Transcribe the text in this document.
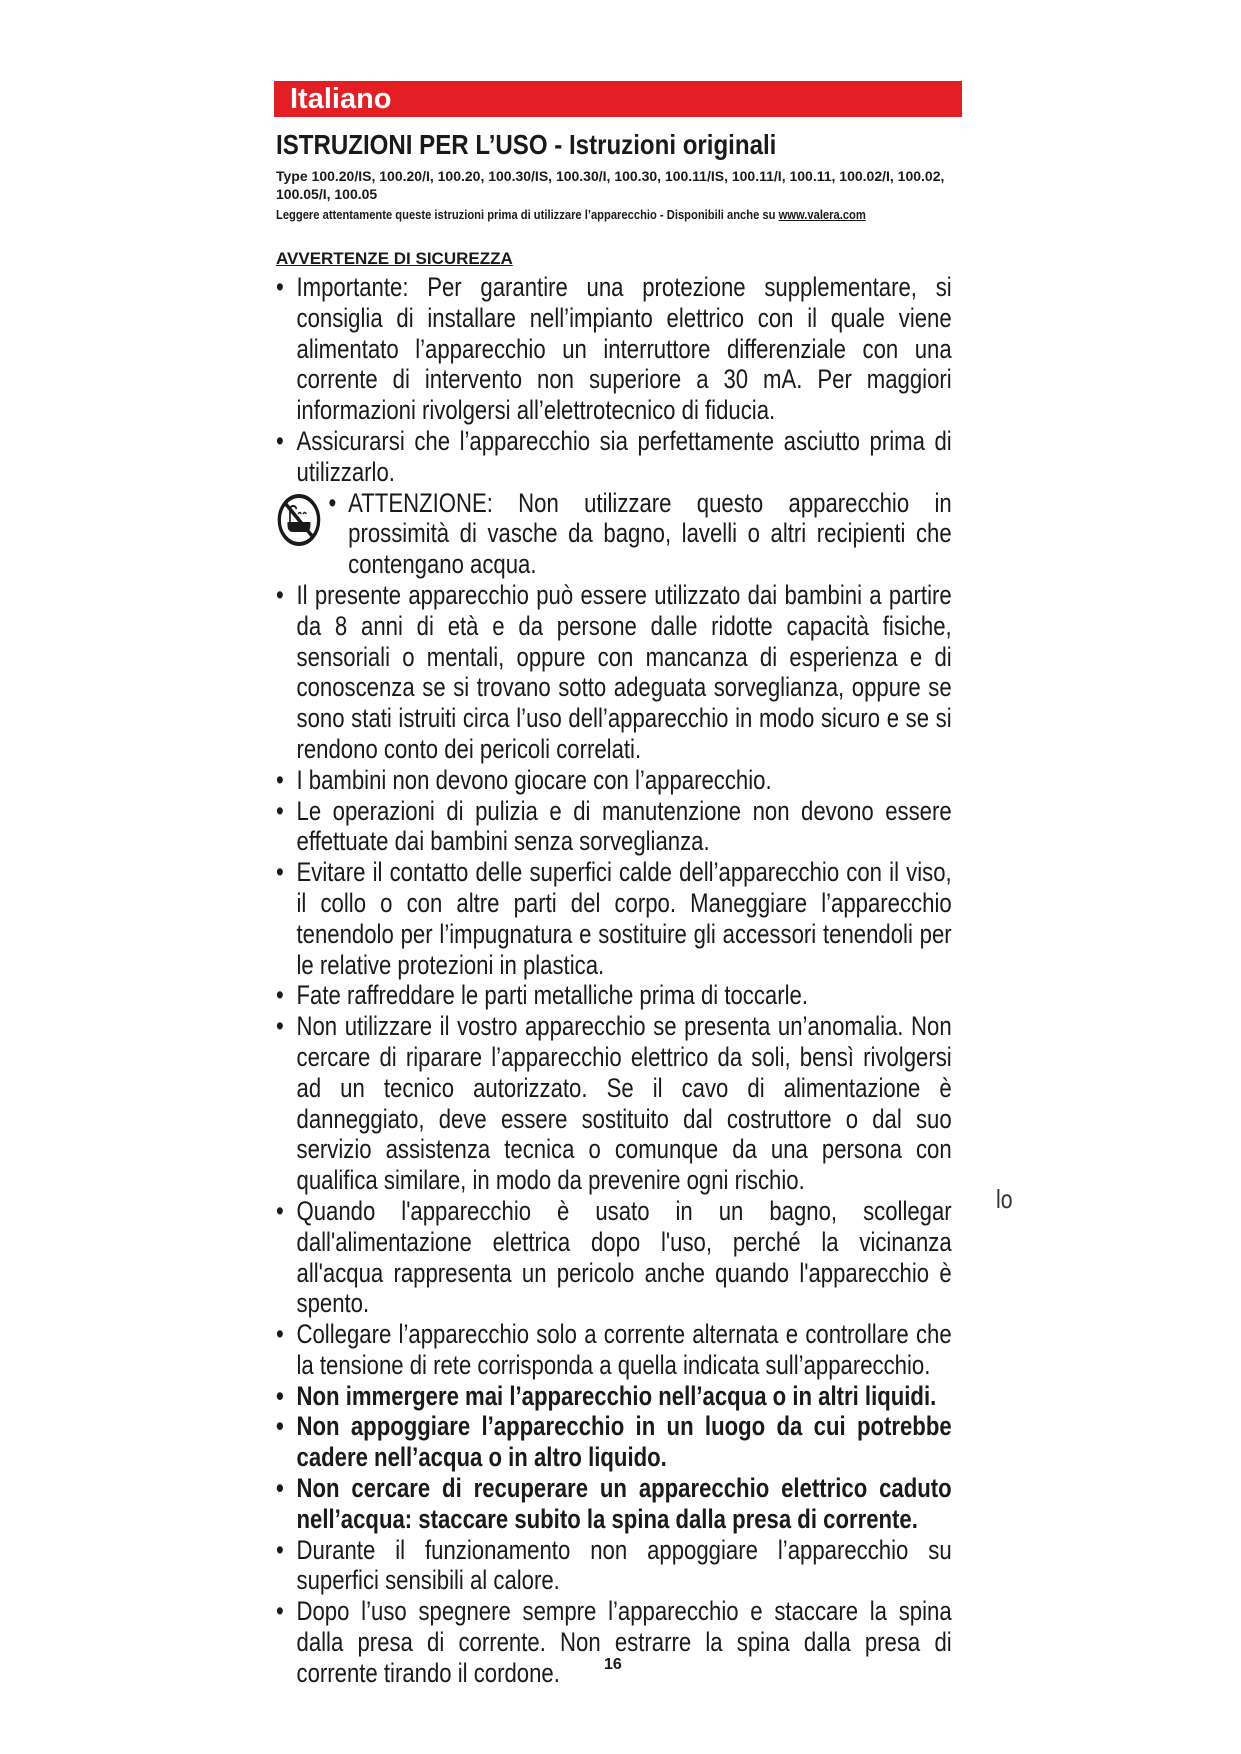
Italiano
ISTRUZIONI PER L’USO - Istruzioni originali
Type 100.20/IS, 100.20/I, 100.20, 100.30/IS, 100.30/I, 100.30, 100.11/IS, 100.11/I, 100.11, 100.02/I, 100.02, 100.05/I, 100.05
Leggere attentamente queste istruzioni prima di utilizzare l’apparecchio - Disponibili anche su www.valera.com
AVVERTENZE DI SICUREZZA
• Importante: Per garantire una protezione supplementare, si consiglia di installare nell’impianto elettrico con il quale viene alimentato l’apparecchio un interruttore differenziale con una corrente di intervento non superiore a 30 mA. Per maggiori informazioni rivolgersi all’elettrotecnico di fiducia.
• Assicurarsi che l’apparecchio sia perfettamente asciutto prima di utilizzarlo.
• ATTENZIONE: Non utilizzare questo apparecchio in prossimità di vasche da bagno, lavelli o altri recipienti che contengano acqua.
• Il presente apparecchio può essere utilizzato dai bambini a partire da 8 anni di età e da persone dalle ridotte capacità fisiche, sensoriali o mentali, oppure con mancanza di esperienza e di conoscenza se si trovano sotto adeguata sorveglianza, oppure se sono stati istruiti circa l’uso dell’apparecchio in modo sicuro e se si rendono conto dei pericoli correlati.
• I bambini non devono giocare con l’apparecchio.
• Le operazioni di pulizia e di manutenzione non devono essere effettuate dai bambini senza sorveglianza.
• Evitare il contatto delle superfici calde dell’apparecchio con il viso, il collo o con altre parti del corpo. Maneggiare l’apparecchio tenendolo per l’impugnatura e sostituire gli accessori tenendoli per le relative protezioni in plastica.
• Fate raffreddare le parti metalliche prima di toccarle.
• Non utilizzare il vostro apparecchio se presenta un’anomalia. Non cercare di riparare l’apparecchio elettrico da soli, bensì rivolgersi ad un tecnico autorizzato. Se il cavo di alimentazione è danneggiato, deve essere sostituito dal costruttore o dal suo servizio assistenza tecnica o comunque da una persona con qualifica similare, in modo da prevenire ogni rischio.
• Quando l'apparecchio è usato in un bagno, scollegar dall'alimentazione elettrica dopo l'uso, perché la vicinanza all'acqua rappresenta un pericolo anche quando l'apparecchio è spento.
• Collegare l’apparecchio solo a corrente alternata e controllare che la tensione di rete corrisponda a quella indicata sull’apparecchio.
• Non immergere mai l’apparecchio nell’acqua o in altri liquidi.
• Non appoggiare l’apparecchio in un luogo da cui potrebbe cadere nell’acqua o in altro liquido.
• Non cercare di recuperare un apparecchio elettrico caduto nell’acqua: staccare subito la spina dalla presa di corrente.
• Durante il funzionamento non appoggiare l’apparecchio su superfici sensibili al calore.
• Dopo l’uso spegnere sempre l’apparecchio e staccare la spina dalla presa di corrente. Non estrarre la spina dalla presa di corrente tirando il cordone.
lo
16
